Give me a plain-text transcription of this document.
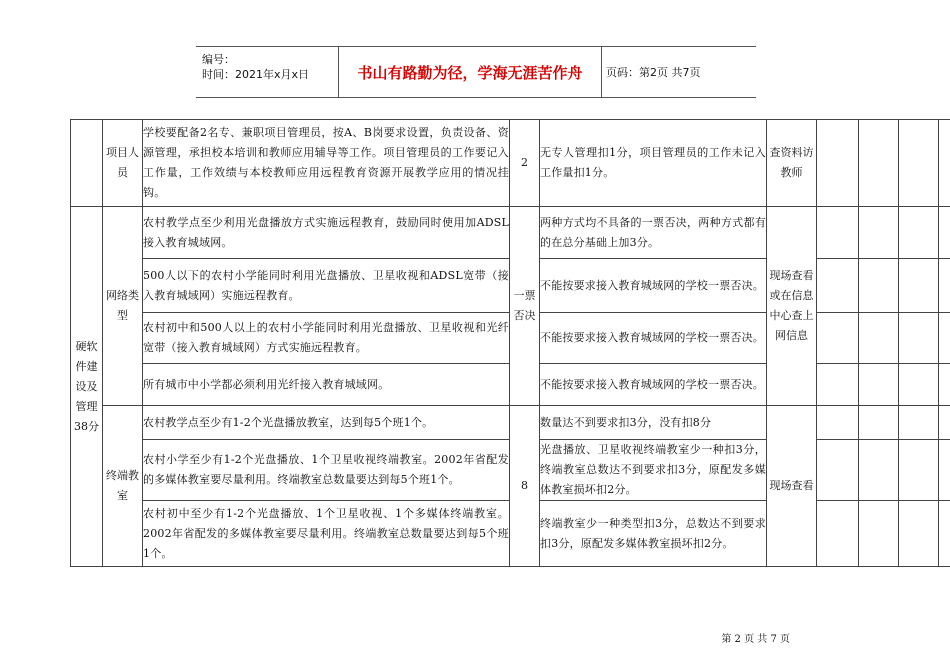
编号：
时间：2021年x月x日	书山有路勤为径，学海无涯苦作舟	页码：第2页 共7页
	项目人员	学校要配备2名专、兼职项目管理员，按A、B岗要求设置，负责设备、资源管理，承担校本培训和教师应用辅导等工作。项目管理员的工作要记入工作量，工作效绩与本校教师应用远程教育资源开展教学应用的情况挂钩。	2	无专人管理扣1分，项目管理员的工作未记入工作量扣1分。	查资料访教师				
硬软件建设及管理38分	网络类型	农村教学点至少利用光盘播放方式实施远程教育，鼓励同时使用加ADSL接入教育城域网。	一票否决	两种方式均不具备的一票否决，两种方式都有的在总分基础上加3分。	现场查看或在信息中心查上网信息				
		500人以下的农村小学能同时利用光盘播放、卫星收视和ADSL宽带（接入教育城域网）实施远程教育。		不能按要求接入教育城域网的学校一票否决。					
		农村初中和500人以上的农村小学能同时利用光盘播放、卫星收视和光纤宽带（接入教育城域网）方式实施远程教育。		不能按要求接入教育城域网的学校一票否决。					
		所有城市中小学都必须利用光纤接入教育城域网。		不能按要求接入教育城域网的学校一票否决。					
	终端教室	农村教学点至少有1-2个光盘播放教室，达到每5个班1个。	8	数量达不到要求扣3分，没有扣8分	现场查看				
		农村小学至少有1-2个光盘播放、1个卫星收视终端教室。2002年省配发的多媒体教室要尽量利用。终端教室总数量要达到每5个班1个。		光盘播放、卫星收视终端教室少一种扣3分，终端教室总数达不到要求扣3分，原配发多媒体教室损坏扣2分。					
		农村初中至少有1-2个光盘播放、1个卫星收视、1个多媒体终端教室。2002年省配发的多媒体教室要尽量利用。终端教室总数量要达到每5个班1个。		终端教室少一种类型扣3分，总数达不到要求扣3分，原配发多媒体教室损坏扣2分。					
第 2 页 共 7 页
